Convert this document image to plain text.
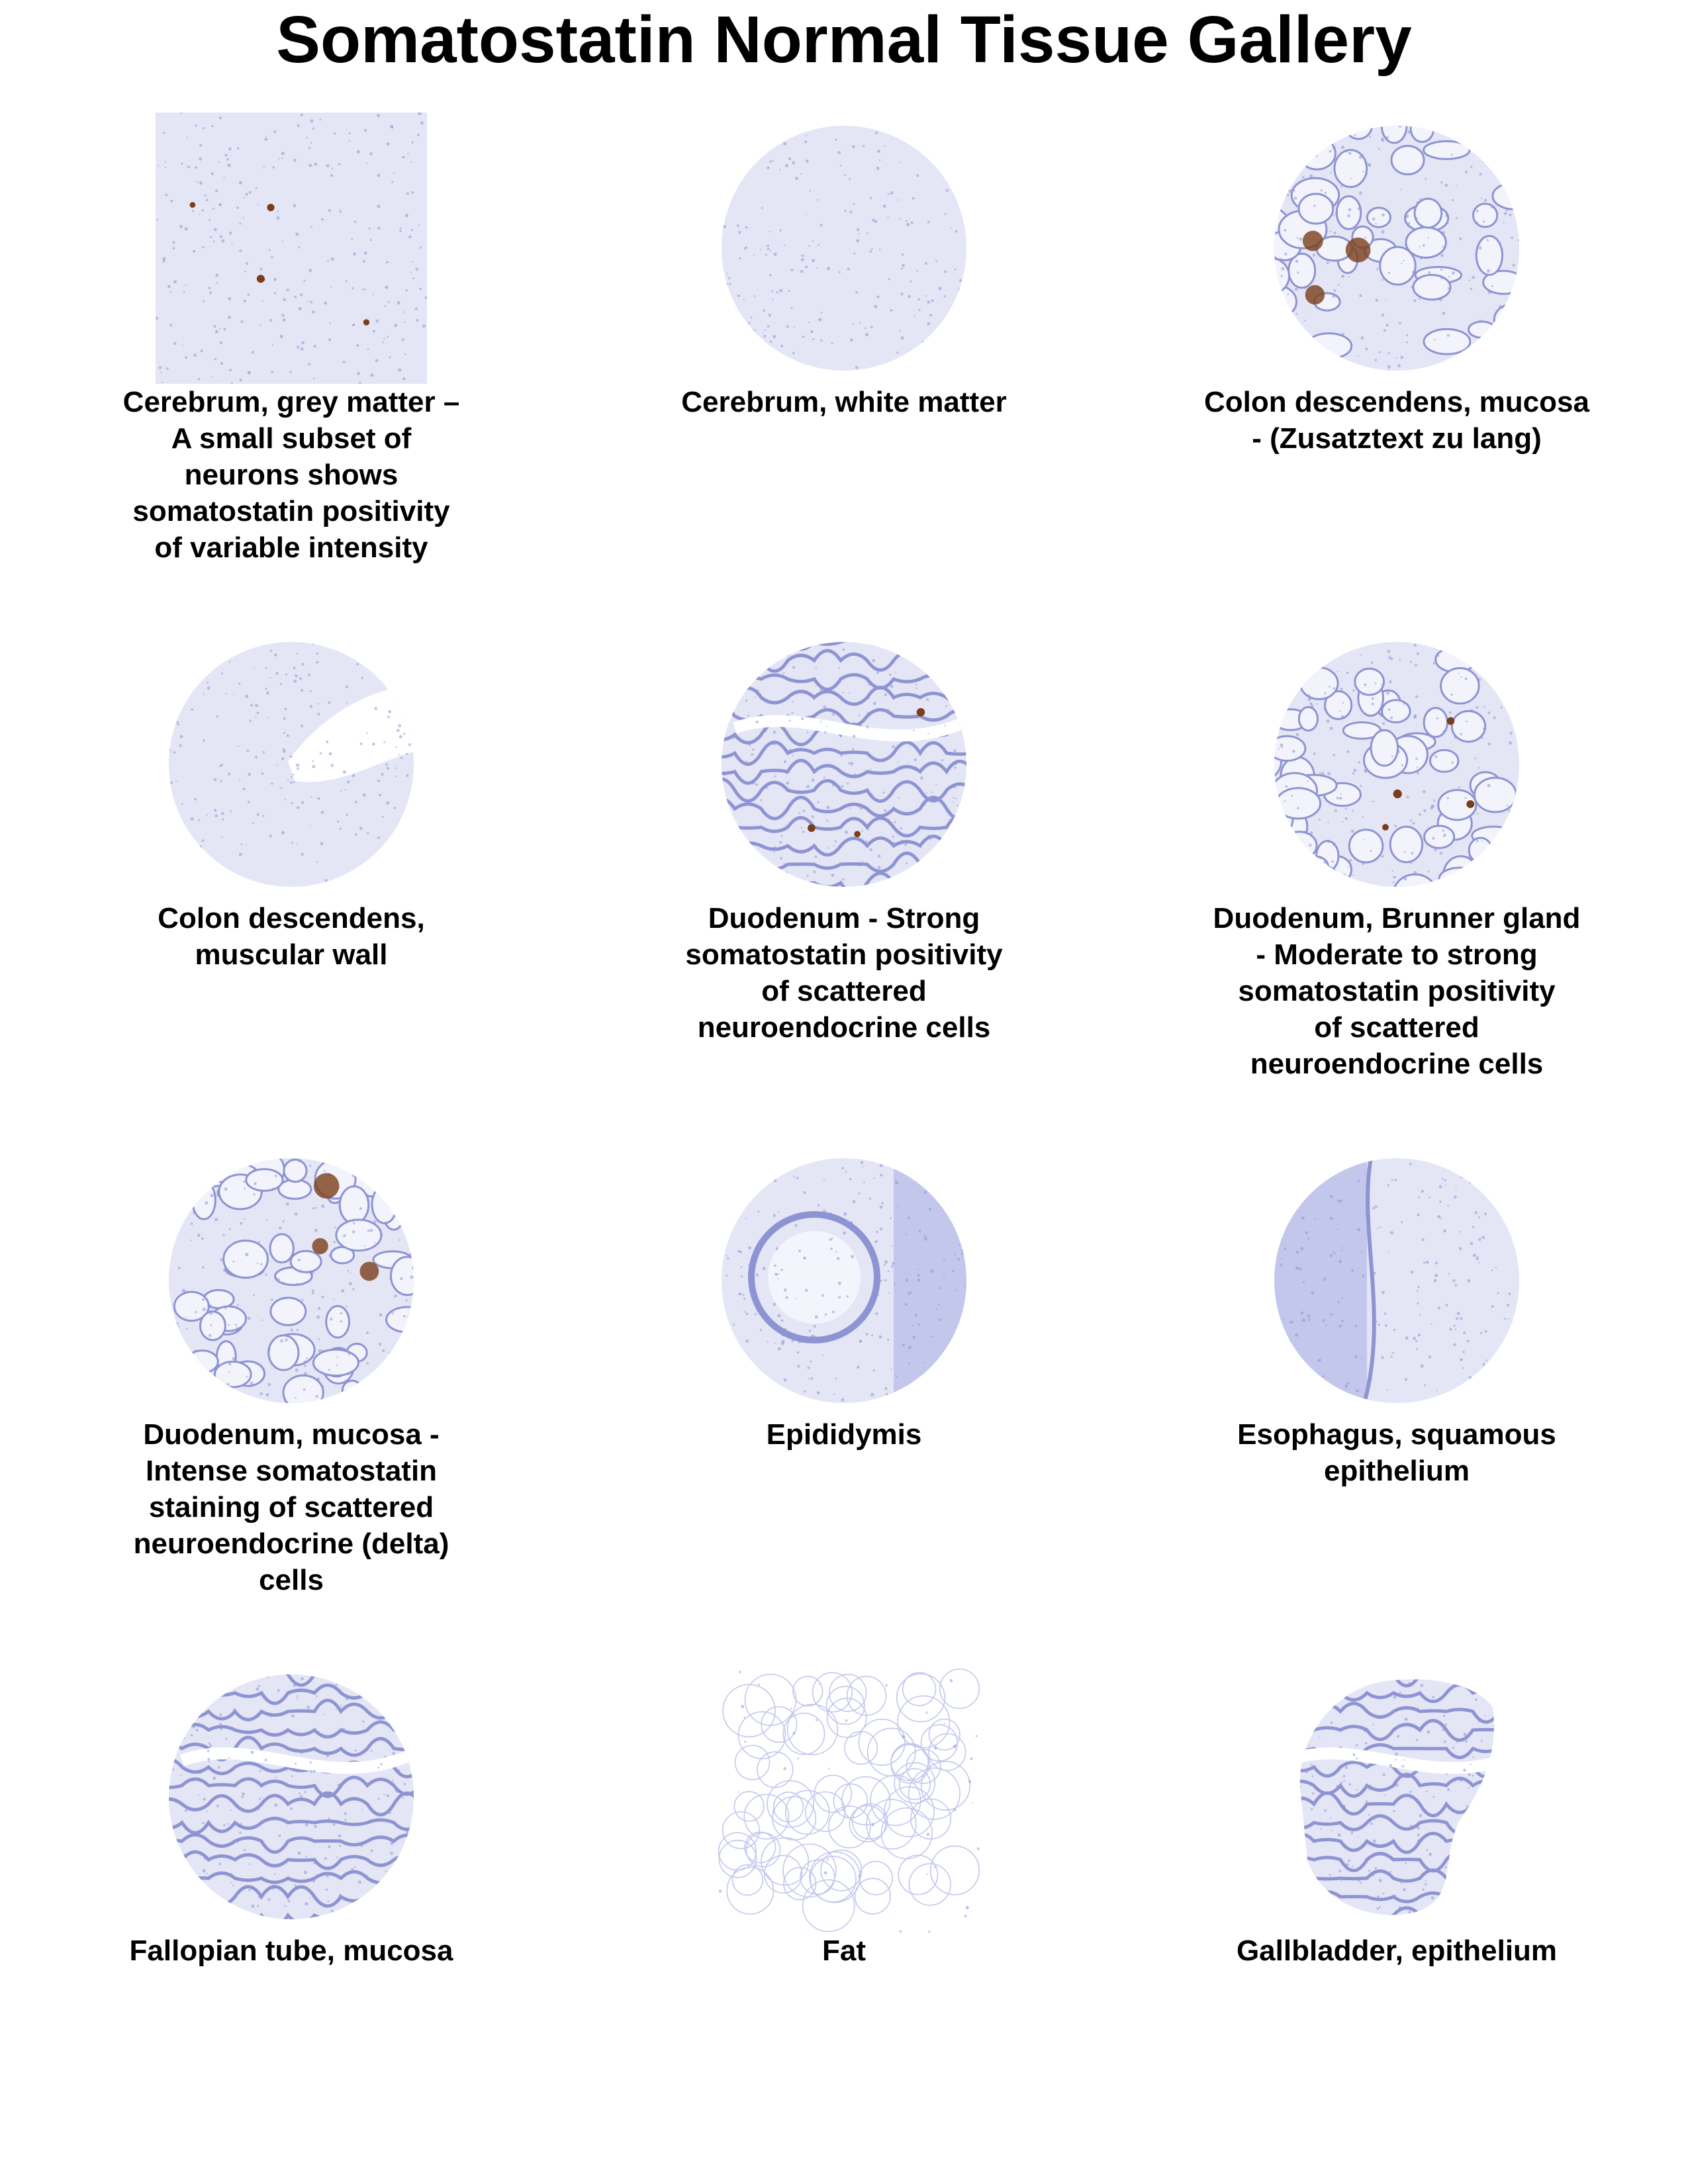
Somatostatin Normal Tissue Gallery
Cerebrum, grey matter –
A small subset of
neurons shows
somatostatin positivity
of variable intensity
Cerebrum, white matter	Colon descendens, mucosa
- (Zusatztext zu lang)
Colon descendens,
muscular wall
Duodenum - Strong
somatostatin positivity
of scattered
neuroendocrine cells
Duodenum, Brunner gland
- Moderate to strong
somatostatin positivity
of scattered
neuroendocrine cells
Duodenum, mucosa -
Intense somatostatin
staining of scattered
neuroendocrine (delta)
cells
Epididymis	Esophagus, squamous
epithelium
Fallopian tube, mucosa	Fat	Gallbladder, epithelium
